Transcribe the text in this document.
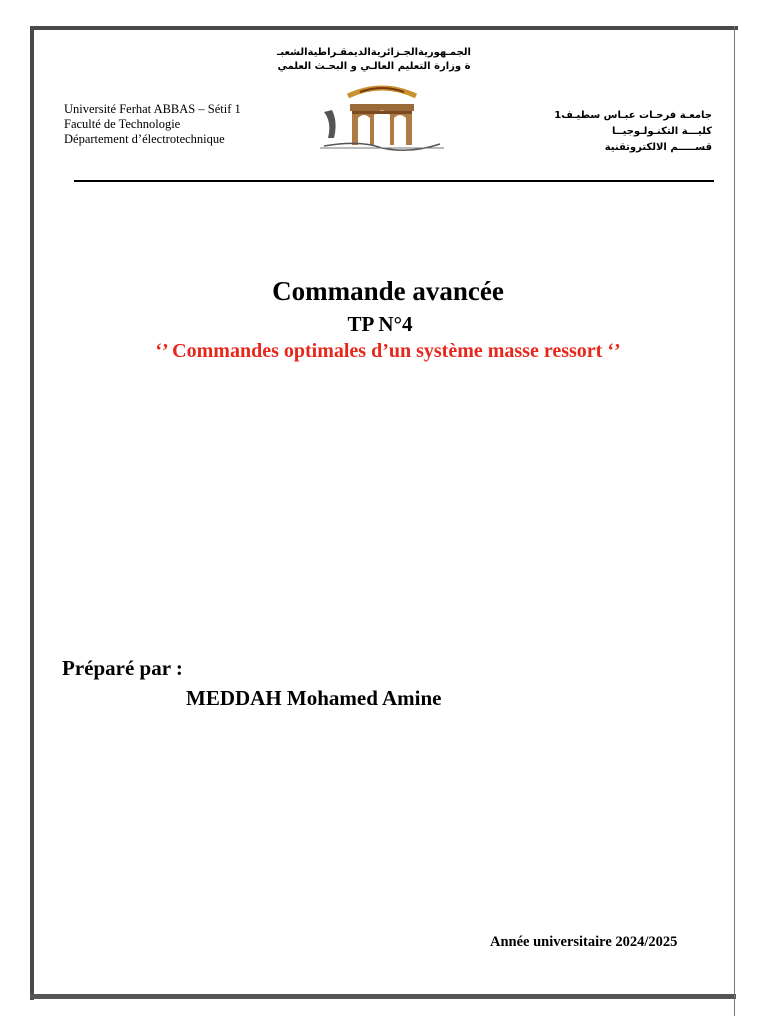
Université Ferhat ABBAS – Sétif 1
Faculté de Technologie
Département d’électrotechnique
الجمـهوريةالجـزائريةالديمقـراطيةالشعبـ
ة وزارة التعليم العالـي و البحـث العلمي
جامعـة فرحـات عبـاس سطيـف1
كليـــة التكنـولـوجيــا
قســـــم الالكتروتقنية
Commande avancée
TP N°4
‘’ Commandes optimales d’un système masse ressort ‘’
Préparé par :
MEDDAH Mohamed Amine
Année universitaire 2024/2025
